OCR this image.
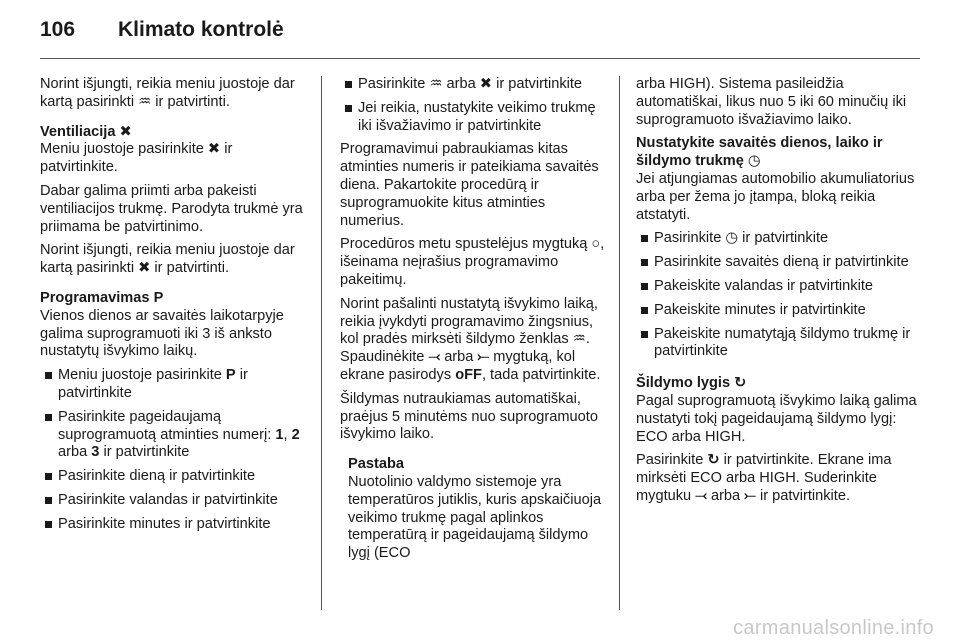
106	Klimato kontrolė
Norint išjungti, reikia meniu juostoje dar kartą pasirinkti ♒ ir patvirtinti.
Ventiliacija ✖
Meniu juostoje pasirinkite ✖ ir patvirtinkite.
Dabar galima priimti arba pakeisti ventiliacijos trukmę. Parodyta trukmė yra priimama be patvirtinimo.
Norint išjungti, reikia meniu juostoje dar kartą pasirinkti ✖ ir patvirtinti.
Programavimas P
Vienos dienos ar savaitės laikotarpyje galima suprogramuoti iki 3 iš anksto nustatytų išvykimo laikų.
Meniu juostoje pasirinkite P ir patvirtinkite
Pasirinkite pageidaujamą suprogramuotą atminties numerį: 1, 2 arba 3 ir patvirtinkite
Pasirinkite dieną ir patvirtinkite
Pasirinkite valandas ir patvirtinkite
Pasirinkite minutes ir patvirtinkite
Pasirinkite ♒ arba ✖ ir patvirtinkite
Jei reikia, nustatykite veikimo trukmę iki išvažiavimo ir patvirtinkite
Programavimui pabraukiamas kitas atminties numeris ir pateikiama savaitės diena. Pakartokite procedūrą ir suprogramuokite kitus atminties numerius.
Procedūros metu spustelėjus mygtuką ○, išeinama neįrašius programavimo pakeitimų.
Norint pašalinti nustatytą išvykimo laiką, reikia įvykdyti programavimo žingsnius, kol pradės mirksėti šildymo ženklas ♒. Spaudinėkite ⤙ arba ⤚ mygtuką, kol ekrane pasirodys oFF, tada patvirtinkite.
Šildymas nutraukiamas automatiškai, praėjus 5 minutėms nuo suprogramuoto išvykimo laiko.
Pastaba
Nuotolinio valdymo sistemoje yra temperatūros jutiklis, kuris apskaičiuoja veikimo trukmę pagal aplinkos temperatūrą ir pageidaujamą šildymo lygį (ECO
arba HIGH). Sistema pasileidžia automatiškai, likus nuo 5 iki 60 minučių iki suprogramuoto išvažiavimo laiko.
Nustatykite savaitės dienos, laiko ir šildymo trukmę ◷
Jei atjungiamas automobilio akumuliatorius arba per žema jo įtampa, bloką reikia atstatyti.
Pasirinkite ◷ ir patvirtinkite
Pasirinkite savaitės dieną ir patvirtinkite
Pakeiskite valandas ir patvirtinkite
Pakeiskite minutes ir patvirtinkite
Pakeiskite numatytąją šildymo trukmę ir patvirtinkite
Šildymo lygis ↻
Pagal suprogramuotą išvykimo laiką galima nustatyti tokį pageidaujamą šildymo lygį: ECO arba HIGH.
Pasirinkite ↻ ir patvirtinkite. Ekrane ima mirksėti ECO arba HIGH. Suderinkite mygtuku ⤙ arba ⤚ ir patvirtinkite.
carmanualsonline.info
